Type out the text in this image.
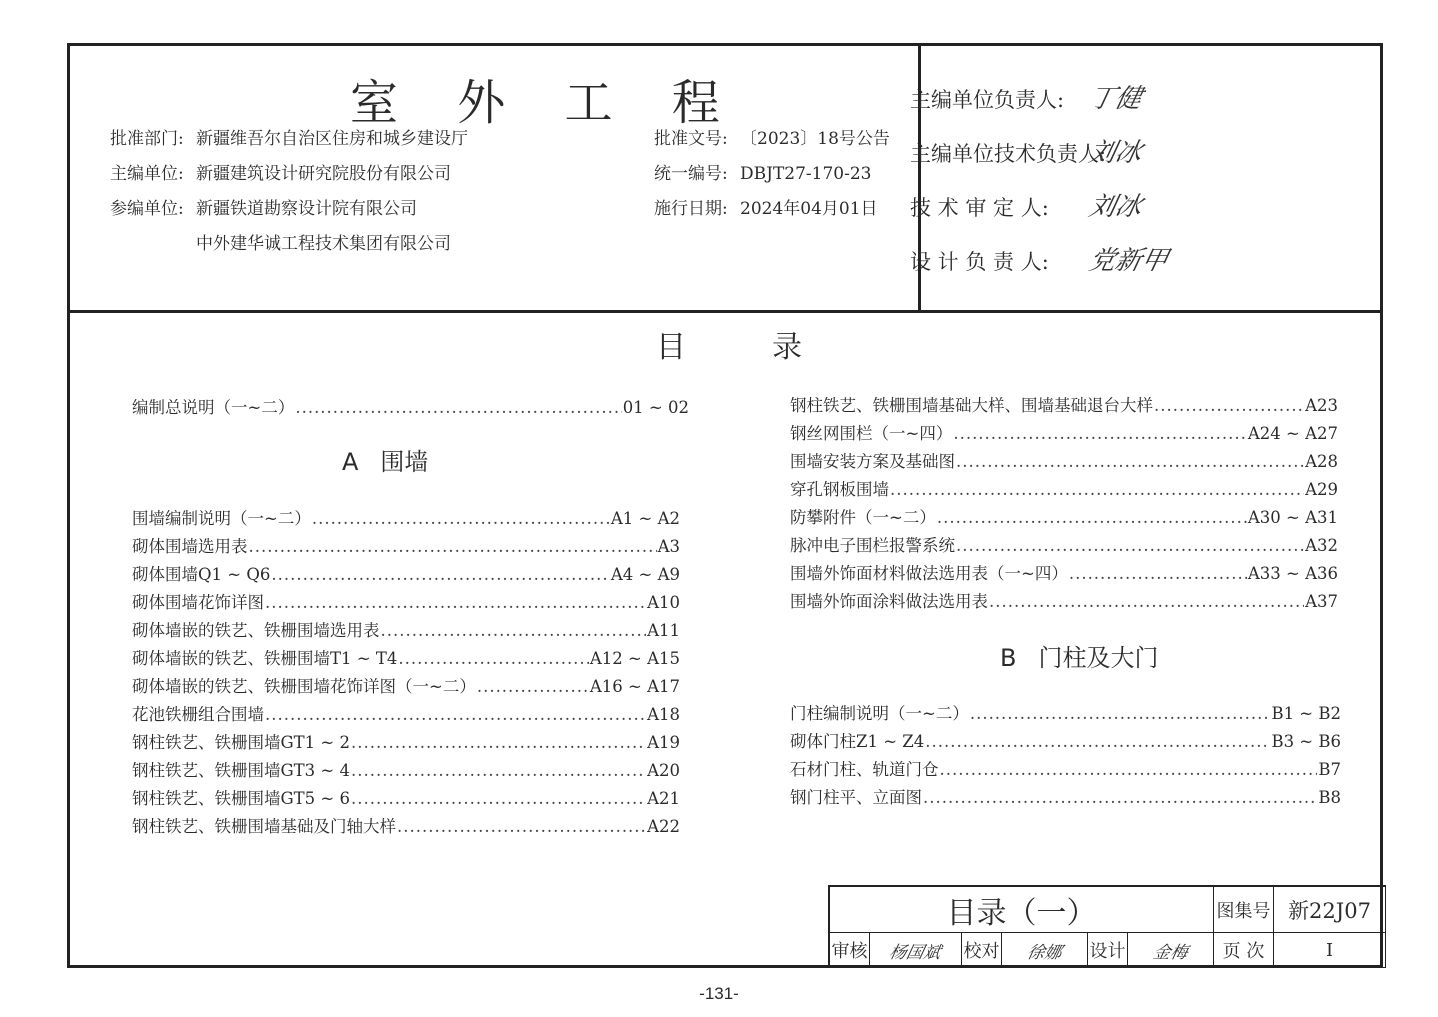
室 外 工 程
批准部门: 新疆维吾尔自治区住房和城乡建设厅
主编单位: 新疆建筑设计研究院股份有限公司
参编单位: 新疆铁道勘察设计院有限公司
中外建华诚工程技术集团有限公司
批准文号: 〔2023〕18号公告
统一编号: DBJT27-170-23
施行日期: 2024年04月01日
目录
编制总说明（一~二） .....	01 ~ 02
A 围墙
围墙编制说明（一~二） .....	A1 ~ A2
砌体围墙选用表 .....	A3
砌体围墙Q1 ~ Q6 .....	A4 ~ A9
砌体围墙花饰详图 .....	A10
砌体墙嵌的铁艺、铁栅围墙选用表 .....	A11
砌体墙嵌的铁艺、铁栅围墙T1 ~ T4 .....	A12 ~ A15
砌体墙嵌的铁艺、铁栅围墙花饰详图（一~二） .....	A16 ~ A17
花池铁栅组合围墙 .....	A18
钢柱铁艺、铁栅围墙GT1 ~ 2 .....	A19
钢柱铁艺、铁栅围墙GT3 ~ 4 .....	A20
钢柱铁艺、铁栅围墙GT5 ~ 6 .....	A21
钢柱铁艺、铁栅围墙基础及门轴大样 .....	A22
钢柱铁艺、铁栅围墙基础大样、围墙基础退台大样 .....	A23
钢丝网围栏（一~四） .....	A24 ~ A27
围墙安装方案及基础图 .....	A28
穿孔钢板围墙 .....	A29
防攀附件（一~二） .....	A30 ~ A31
脉冲电子围栏报警系统 .....	A32
围墙外饰面材料做法选用表（一~四） .....	A33 ~ A36
围墙外饰面涂料做法选用表 .....	A37
B 门柱及大门
门柱编制说明（一~二） .....	B1 ~ B2
砌体门柱Z1 ~ Z4 .....	B3 ~ B6
石材门柱、轨道门仓 .....	B7
钢门柱平、立面图 .....	B8
目录（一）	图集号 新22J07
审核 杨国斌 校对 徐娜 设计 金梅	页 次	I
主编单位负责人: 丁健
主编单位技术负责人:
刘冰
技 术 审 定 人: 刘冰
设 计 负 责 人: 党新甲
-131-
